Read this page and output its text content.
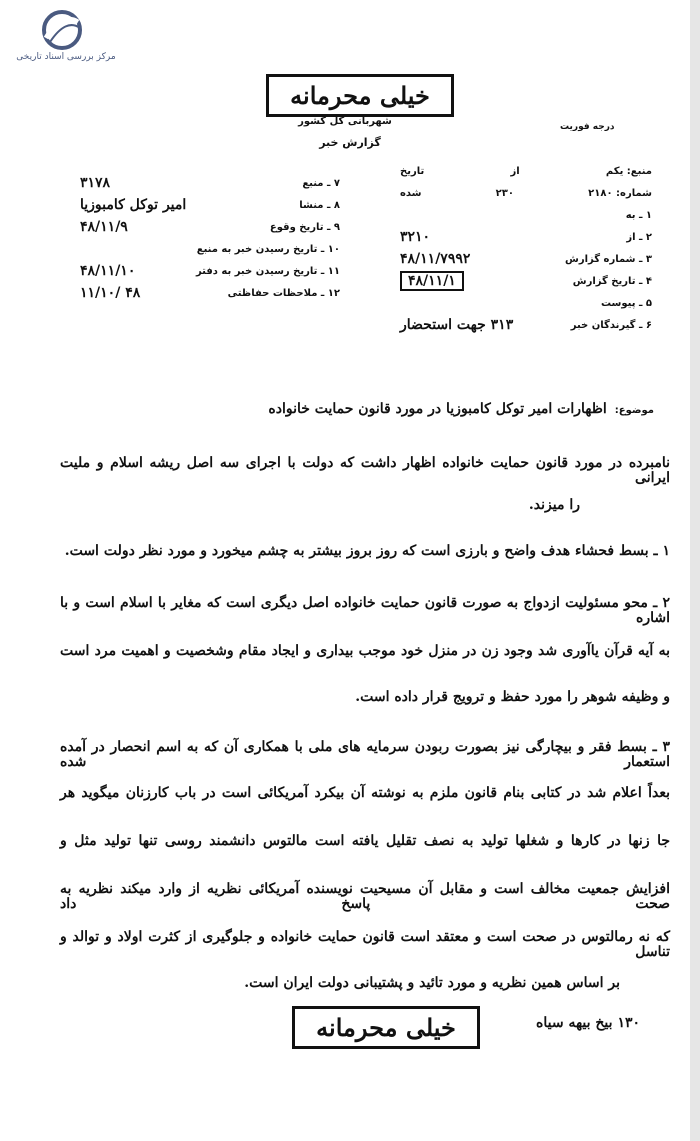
مرکز بررسی اسناد تاریخی
خیلی محرمانه
شهربانی کل کشور
گزارش خبر
درجه فوریت
منبع: یکم
از
تاریخ
شماره: ۲۱۸۰
۲۳۰
شده
۱ ـ به
۲ ـ از
۳۲۱۰
۳ ـ شماره گزارش
۴۸/۱۱/۷۹۹۲
۴ ـ تاریخ گزارش
۴۸/۱۱/۱
۵ ـ پیوست
۶ ـ گیرندگان خبر
۳۱۳ جهت استحضار
۷ ـ منبع
۳۱۷۸
۸ ـ منشا
امیر توکل کامبوزیا
۹ ـ تاریخ وقوع
۴۸/۱۱/۹
۱۰ ـ تاریخ رسیدن خبر به منبع
۱۱ ـ تاریخ رسیدن خبر به دفتر
۴۸/۱۱/۱۰
۱۲ ـ ملاحظات حفاظتی
۴۸ /۱۱/۱۰
موضوع:
اظهارات امیر توکل کامبوزیا در مورد قانون حمایت خانواده
نامبرده در مورد قانون حمایت خانواده اظهار داشت که دولت با اجرای سه اصل ریشه اسلام و ملیت ایرانی
را میزند.
۱ ـ بسط فحشاء هدف واضح و بارزی است که روز بروز بیشتر به چشم میخورد و مورد نظر دولت است.
۲ ـ محو مسئولیت ازدواج به صورت قانون حمایت خانواده اصل دیگری است که مغایر با اسلام است و با اشاره
به آیه قرآن یاآوری شد وجود زن در منزل خود موجب بیداری و ایجاد مقام وشخصیت و اهمیت مرد است
و وظیفه شوهر را مورد حفظ و ترویج قرار داده است.
۳ ـ بسط فقر و بیچارگی نیز بصورت ربودن سرمایه های ملی با همکاری آن که به اسم انحصار در آمده استعمار شده
بعداً اعلام شد در کتابی بنام قانون ملزم به نوشته آن بیکرد آمریکائی است در باب کارزنان میگوید هر
جا زنها در کارها و شغلها تولید به نصف تقلیل یافته است مالتوس دانشمند روسی تنها تولید مثل و
افزایش جمعیت مخالف است و مقابل آن مسیحیت نویسنده آمریکائی نظریه از وارد میکند نظریه به صحت پاسخ داد
که نه رمالتوس در صحت است و معتقد است قانون حمایت خانواده و جلوگیری از کثرت اولاد و توالد و تناسل
بر اساس همین نظریه و مورد تائید و پشتیبانی دولت ایران است.
خیلی محرمانه	۱۳۰ بیخ بیهه سیاه
